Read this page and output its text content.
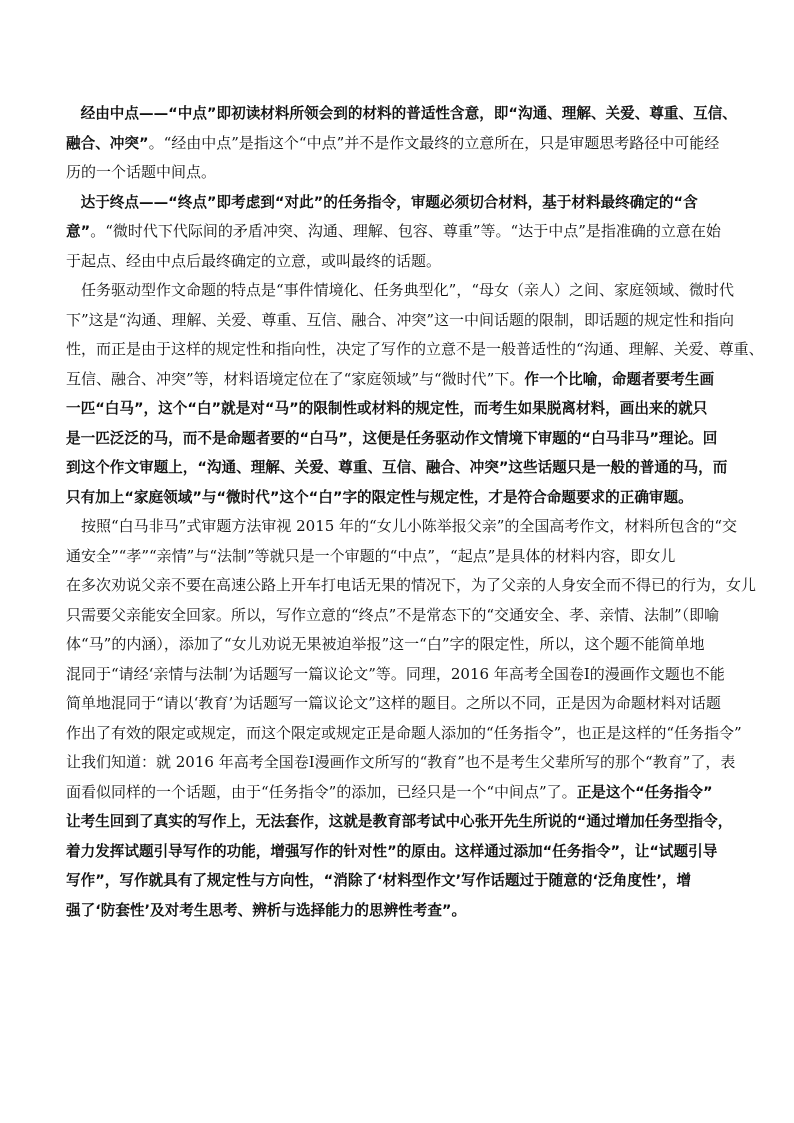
　经由中点——“中点”即初读材料所领会到的材料的普适性含意，即“沟通、理解、关爱、尊重、互信、
融合、冲突”。“经由中点”是指这个“中点”并不是作文最终的立意所在，只是审题思考路径中可能经
历的一个话题中间点。
　达于终点——“终点”即考虑到“对此”的任务指令，审题必须切合材料，基于材料最终确定的“含
意”。“微时代下代际间的矛盾冲突、沟通、理解、包容、尊重”等。“达于中点”是指准确的立意在始
于起点、经由中点后最终确定的立意，或叫最终的话题。
　任务驱动型作文命题的特点是“事件情境化、任务典型化”，“母女（亲人）之间、家庭领域、微时代
下”这是“沟通、理解、关爱、尊重、互信、融合、冲突”这一中间话题的限制，即话题的规定性和指向
性，而正是由于这样的规定性和指向性，决定了写作的立意不是一般普适性的“沟通、理解、关爱、尊重、
互信、融合、冲突”等，材料语境定位在了“家庭领域”与“微时代”下。作一个比喻，命题者要考生画
一匹“白马”，这个“白”就是对“马”的限制性或材料的规定性，而考生如果脱离材料，画出来的就只
是一匹泛泛的马，而不是命题者要的“白马”，这便是任务驱动作文情境下审题的“白马非马”理论。回
到这个作文审题上，“沟通、理解、关爱、尊重、互信、融合、冲突”这些话题只是一般的普通的马，而
只有加上“家庭领域”与“微时代”这个“白”字的限定性与规定性，才是符合命题要求的正确审题。
　按照“白马非马”式审题方法审视 2015 年的“女儿小陈举报父亲”的全国高考作文，材料所包含的“交
通安全”“孝”“亲情”与“法制”等就只是一个审题的“中点”，“起点”是具体的材料内容，即女儿
在多次劝说父亲不要在高速公路上开车打电话无果的情况下，为了父亲的人身安全而不得已的行为，女儿
只需要父亲能安全回家。所以，写作立意的“终点”不是常态下的“交通安全、孝、亲情、法制”（即喻
体“马”的内涵），添加了“女儿劝说无果被迫举报”这一“白”字的限定性，所以，这个题不能简单地
混同于“请经‘亲情与法制’为话题写一篇议论文”等。同理，2016 年高考全国卷Ⅰ的漫画作文题也不能
简单地混同于“请以‘教育’为话题写一篇议论文”这样的题目。之所以不同，正是因为命题材料对话题
作出了有效的限定或规定，而这个限定或规定正是命题人添加的“任务指令”，也正是这样的“任务指令”
让我们知道：就 2016 年高考全国卷Ⅰ漫画作文所写的“教育”也不是考生父辈所写的那个“教育”了，表
面看似同样的一个话题，由于“任务指令”的添加，已经只是一个“中间点”了。正是这个“任务指令”
让考生回到了真实的写作上，无法套作，这就是教育部考试中心张开先生所说的“通过增加任务型指令，
着力发挥试题引导写作的功能，增强写作的针对性”的原由。这样通过添加“任务指令”，让“试题引导
写作”，写作就具有了规定性与方向性，“消除了‘材料型作文’写作话题过于随意的‘泛角度性’，增
强了‘防套性’及对考生思考、辨析与选择能力的思辨性考查”。
